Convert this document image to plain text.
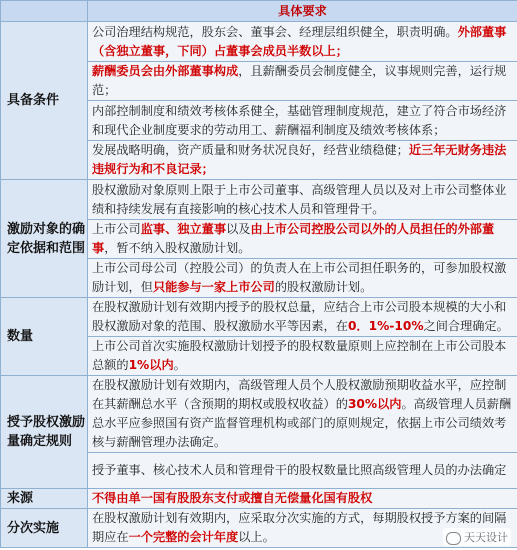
	具体要求
具备条件	公司治理结构规范，股东会、董事会、经理层组织健全，职责明确。外部董事（含独立董事，下同）占董事会成员半数以上；
	薪酬委员会由外部董事构成，且薪酬委员会制度健全，议事规则完善，运行规范；
	内部控制制度和绩效考核体系健全，基础管理制度规范，建立了符合市场经济和现代企业制度要求的劳动用工、薪酬福利制度及绩效考核体系；
	发展战略明确，资产质量和财务状况良好，经营业绩稳健；近三年无财务违法违规行为和不良记录；
激励对象的确定依据和范围	股权激励对象原则上限于上市公司董事、高级管理人员以及对上市公司整体业绩和持续发展有直接影响的核心技术人员和管理骨干。
	上市公司监事、独立董事以及由上市公司控股公司以外的人员担任的外部董事，暂不纳入股权激励计划。
	上市公司母公司（控股公司）的负责人在上市公司担任职务的，可参加股权激励计划，但只能参与一家上市公司的股权激励计划。
数量	在股权激励计划有效期内授予的股权总量，应结合上市公司股本规模的大小和股权激励对象的范围、股权激励水平等因素，在0．1%-10%之间合理确定。
	上市公司首次实施股权激励计划授予的股权数量原则上应控制在上市公司股本总额的1%以内。
授予股权激励量确定规则	在股权激励计划有效期内，高级管理人员个人股权激励预期收益水平，应控制在其薪酬总水平（含预期的期权或股权收益）的30%以内。高级管理人员薪酬总水平应参照国有资产监督管理机构或部门的原则规定，依据上市公司绩效考核与薪酬管理办法确定。
	授予董事、核心技术人员和管理骨干的股权数量比照高级管理人员的办法确定
来源	不得由单一国有股股东支付或擅自无偿量化国有股权
分次实施	在股权激励计划有效期内，应采取分次实施的方式，每期股权授予方案的间隔期应在一个完整的会计年度以上。	天天设计
